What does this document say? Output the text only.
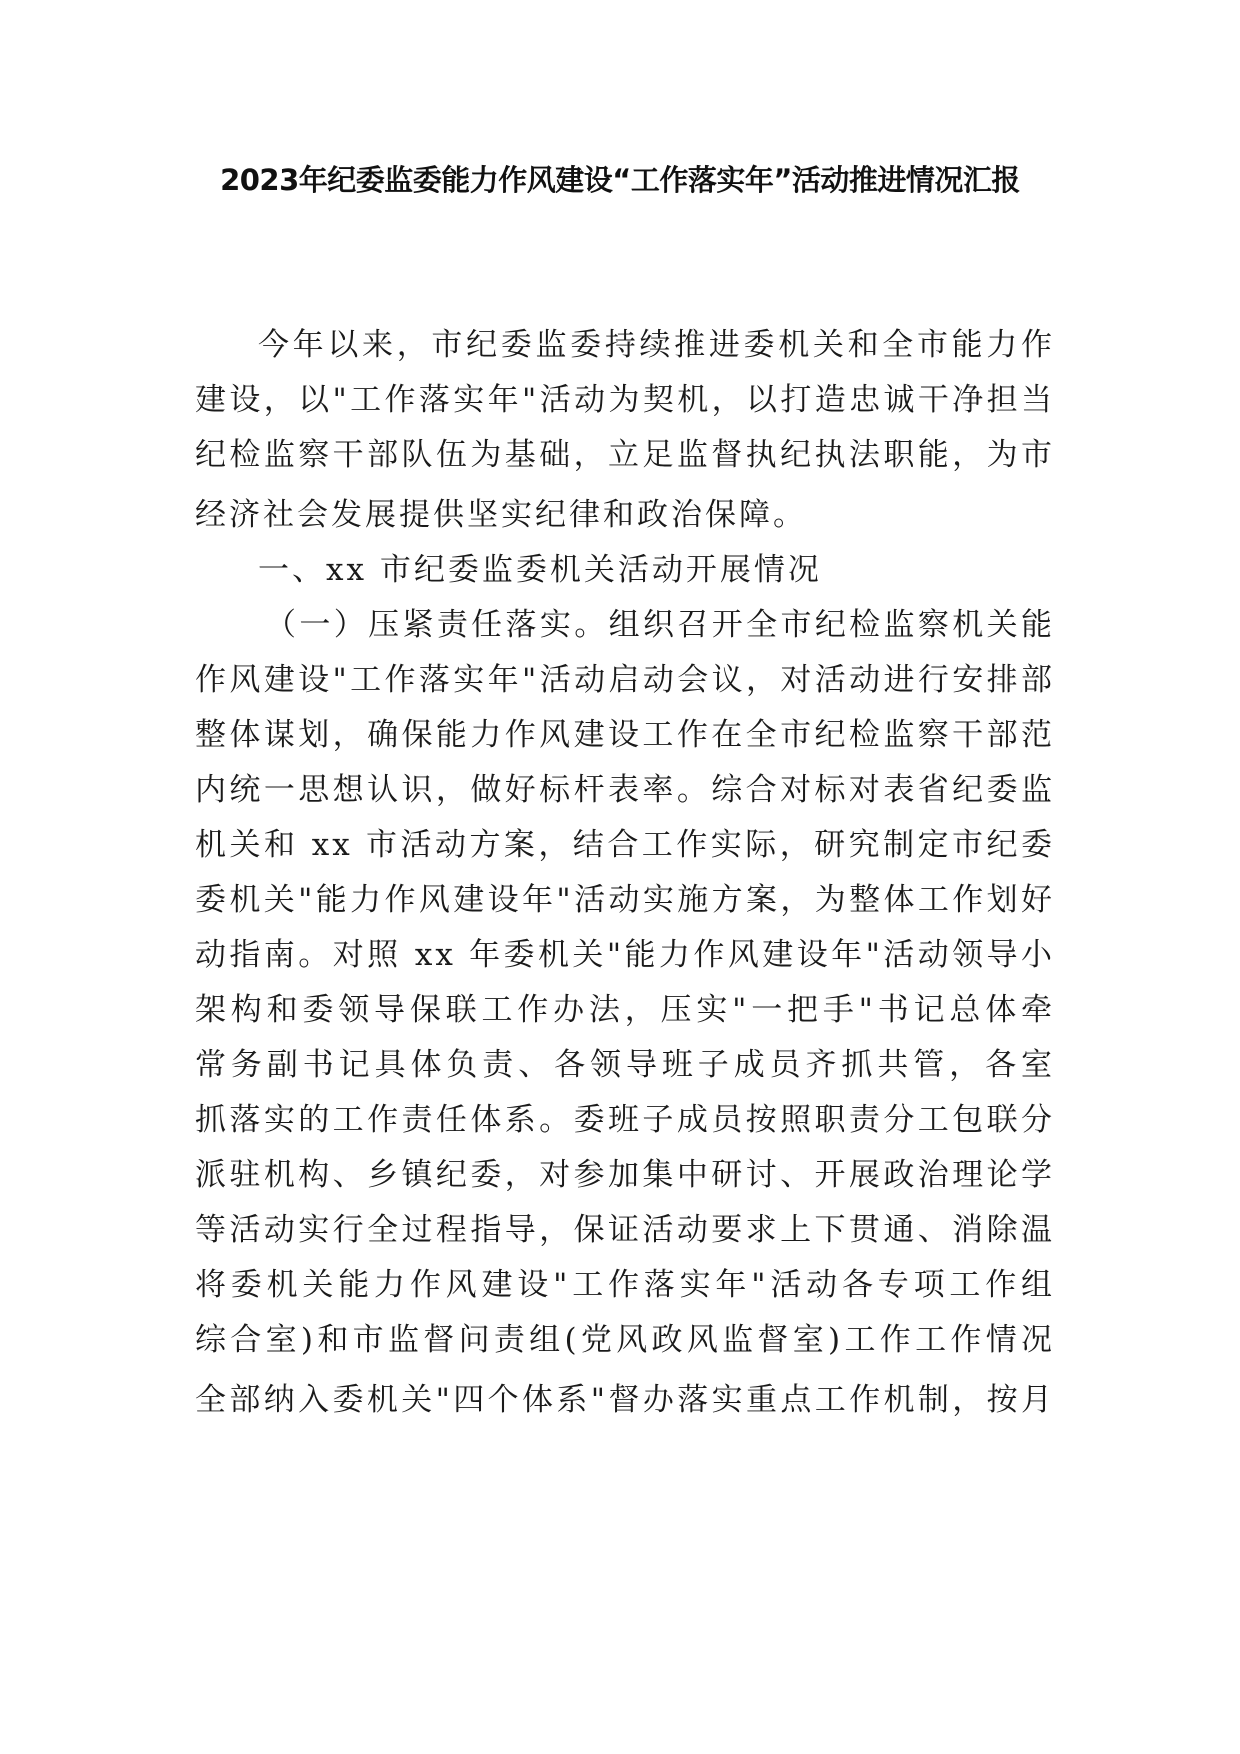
2023年纪委监委能力作风建设“工作落实年”活动推进情况汇报

今年以来，市纪委监委持续推进委机关和全市能力作

建设，以"工作落实年"活动为契机，以打造忠诚干净担当

纪检监察干部队伍为基础，立足监督执纪执法职能，为市

经济社会发展提供坚实纪律和政治保障。

一、xx 市纪委监委机关活动开展情况

（一）压紧责任落实。组织召开全市纪检监察机关能

作风建设"工作落实年"活动启动会议，对活动进行安排部

整体谋划，确保能力作风建设工作在全市纪检监察干部范

内统一思想认识，做好标杆表率。综合对标对表省纪委监

机关和 xx 市活动方案，结合工作实际，研究制定市纪委

委机关"能力作风建设年"活动实施方案，为整体工作划好

动指南。对照 xx 年委机关"能力作风建设年"活动领导小

架构和委领导保联工作办法，压实"一把手"书记总体牵

常务副书记具体负责、各领导班子成员齐抓共管，各室

抓落实的工作责任体系。委班子成员按照职责分工包联分

派驻机构、乡镇纪委，对参加集中研讨、开展政治理论学

等活动实行全过程指导，保证活动要求上下贯通、消除温

将委机关能力作风建设"工作落实年"活动各专项工作组

综合室)和市监督问责组(党风政风监督室)工作工作情况

全部纳入委机关"四个体系"督办落实重点工作机制，按月
